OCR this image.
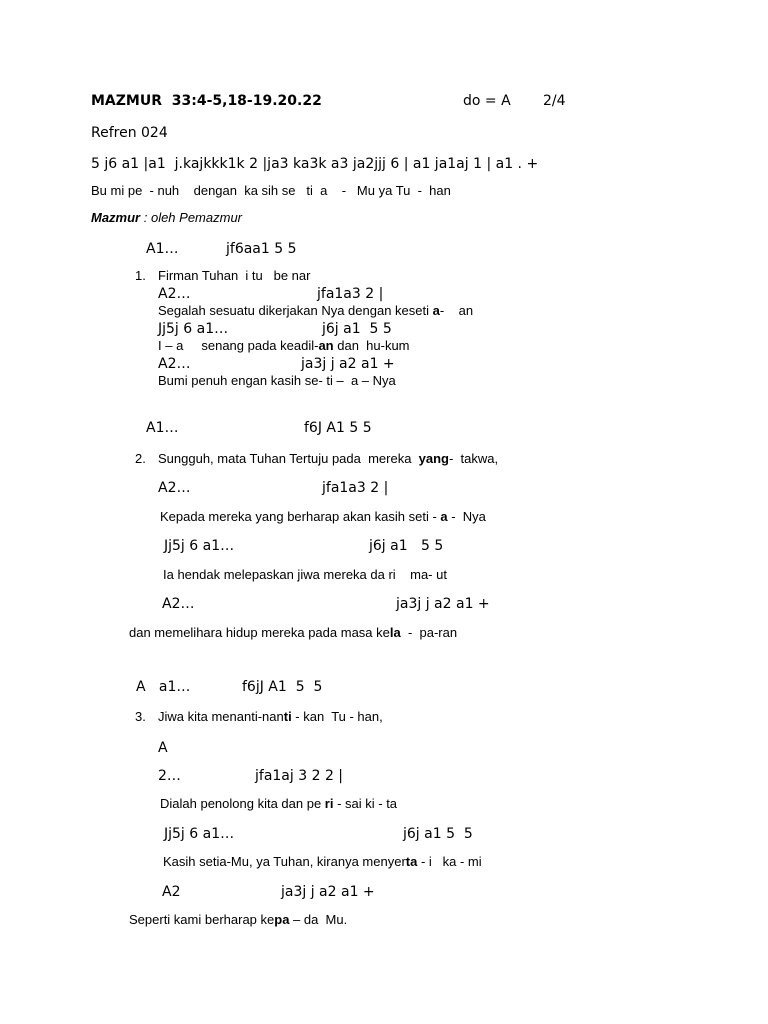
MAZMUR  33:4-5,18-19.20.22	do = A 2/4
Refren 024
5 j6 a1 |a1  j.kajkkk1k 2 |ja3 ka3k a3 ja2jjj 6 | a1 ja1aj 1 | a1 . +
Bu mi pe  - nuh    dengan  ka sih se   ti  a    -   Mu ya Tu  -  han
Mazmur : oleh Pemazmur
A1…	jf6aa1 5 5
1. Firman Tuhan  i tu   be nar
A2…	jfa1a3 2 |
Segalah sesuatu dikerjakan Nya dengan keseti a-    an
Jj5j 6 a1…	j6j a1  5 5
I – a     senang pada keadil-an dan  hu-kum
A2…	ja3j j a2 a1 +
Bumi penuh engan kasih se- ti –  a – Nya
A1…	f6J A1 5 5
2. Sungguh, mata Tuhan Tertuju pada  mereka  yang-  takwa,
A2…	jfa1a3 2 |
Kepada mereka yang berharap akan kasih seti - a -  Nya
Jj5j 6 a1…	j6j a1   5 5
Ia hendak melepaskan jiwa mereka da ri    ma- ut
A2…	ja3j j a2 a1 +
dan memelihara hidup mereka pada masa kela  -  pa-ran
A   a1…	f6jJ A1  5  5
3. Jiwa kita menanti-nanti - kan  Tu - han,
A
2…	jfa1aj 3 2 2 |
Dialah penolong kita dan pe ri - sai ki - ta
Jj5j 6 a1…	j6j a1 5  5
Kasih setia-Mu, ya Tuhan, kiranya menyerta - i   ka - mi
A2	ja3j j a2 a1 +
Seperti kami berharap kepa – da  Mu.
